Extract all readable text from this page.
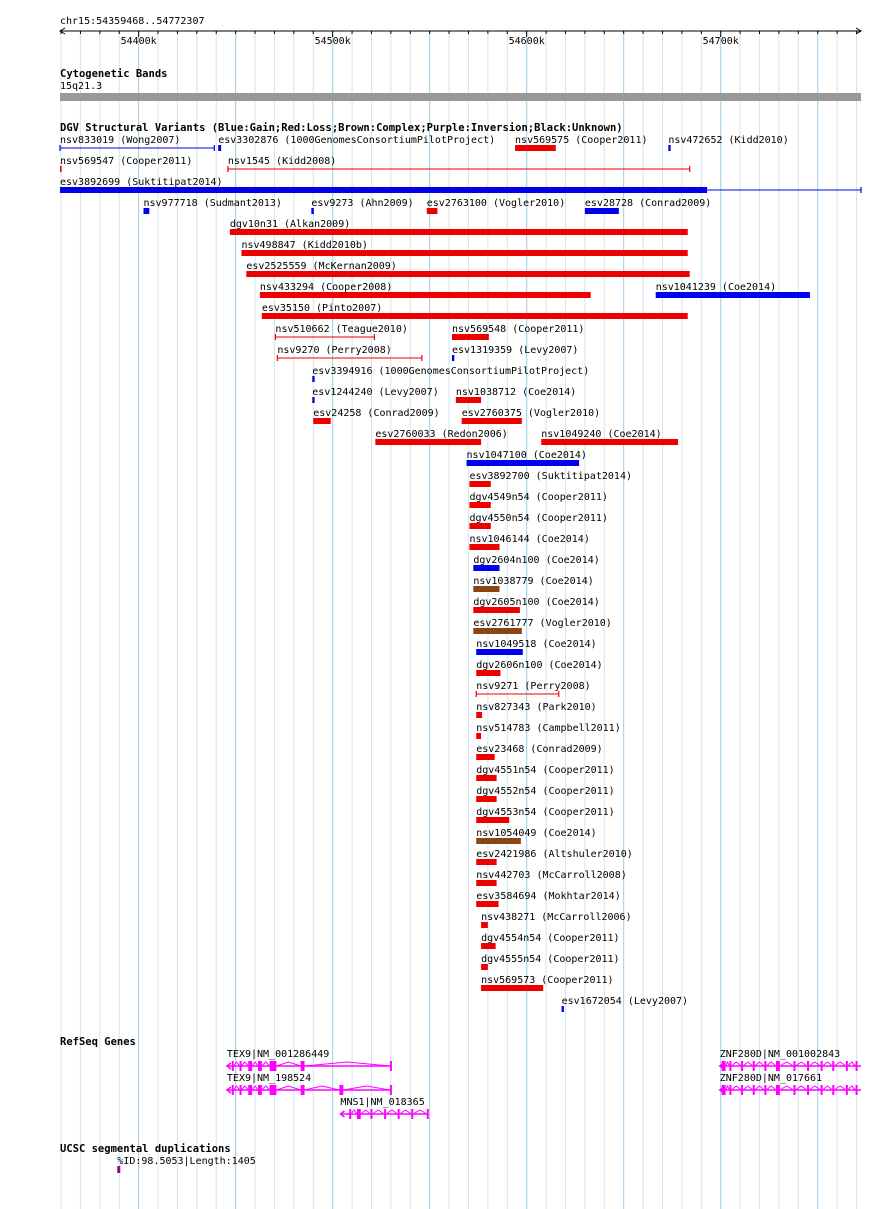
chr15:54359468..54772307
54400k	54500k	54600k	54700k
Cytogenetic Bands
15q21.3
DGV Structural Variants (Blue:Gain;Red:Loss;Brown:Complex;Purple:Inversion;Black:Unknown)
nsv833019 (Wong2007)	esv3302876 (1000GenomesConsortiumPilotProject) nsv569575 (Cooper2011) nsv472652 (Kidd2010)
nsv569547 (Cooper2011)	nsv1545 (Kidd2008)
esv3892699 (Suktitipat2014)
nsv977718 (Sudmant2013)	esv9273 (Ahn2009) esv2763100 (Vogler2010) esv28728 (Conrad2009)
dgv10n31 (Alkan2009)
nsv498847 (Kidd2010b)
esv2525559 (McKernan2009)
nsv433294 (Cooper2008)	nsv1041239 (Coe2014)
esv35150 (Pinto2007)
nsv510662 (Teague2010)	nsv569548 (Cooper2011)
nsv9270 (Perry2008)	esv1319359 (Levy2007)
esv3394916 (1000GenomesConsortiumPilotProject)
esv1244240 (Levy2007) nsv1038712 (Coe2014)
esv24258 (Conrad2009) esv2760375 (Vogler2010)
esv2760033 (Redon2006)	nsv1049240 (Coe2014)
nsv1047100 (Coe2014)
esv3892700 (Suktitipat2014)
dgv4549n54 (Cooper2011)
dgv4550n54 (Cooper2011)
nsv1046144 (Coe2014)
dgv2604n100 (Coe2014)
nsv1038779 (Coe2014)
dgv2605n100 (Coe2014)
esv2761777 (Vogler2010)
nsv1049518 (Coe2014)
dgv2606n100 (Coe2014)
nsv9271 (Perry2008)
nsv827343 (Park2010)
nsv514783 (Campbell2011)
esv23468 (Conrad2009)
dgv4551n54 (Cooper2011)
dgv4552n54 (Cooper2011)
dgv4553n54 (Cooper2011)
nsv1054049 (Coe2014)
esv2421986 (Altshuler2010)
nsv442703 (McCarroll2008)
esv3584694 (Mokhtar2014)
nsv438271 (McCarroll2006)
dgv4554n54 (Cooper2011)
dgv4555n54 (Cooper2011)
nsv569573 (Cooper2011)
esv1672054 (Levy2007)
RefSeq Genes
TEX9|NM_001286449
TEX9|NM_198524
MNS1|NM_018365
ZNF280D|NM_001002843
ZNF280D|NM_017661
UCSC segmental duplications
%ID:98.5053|Length:1405
